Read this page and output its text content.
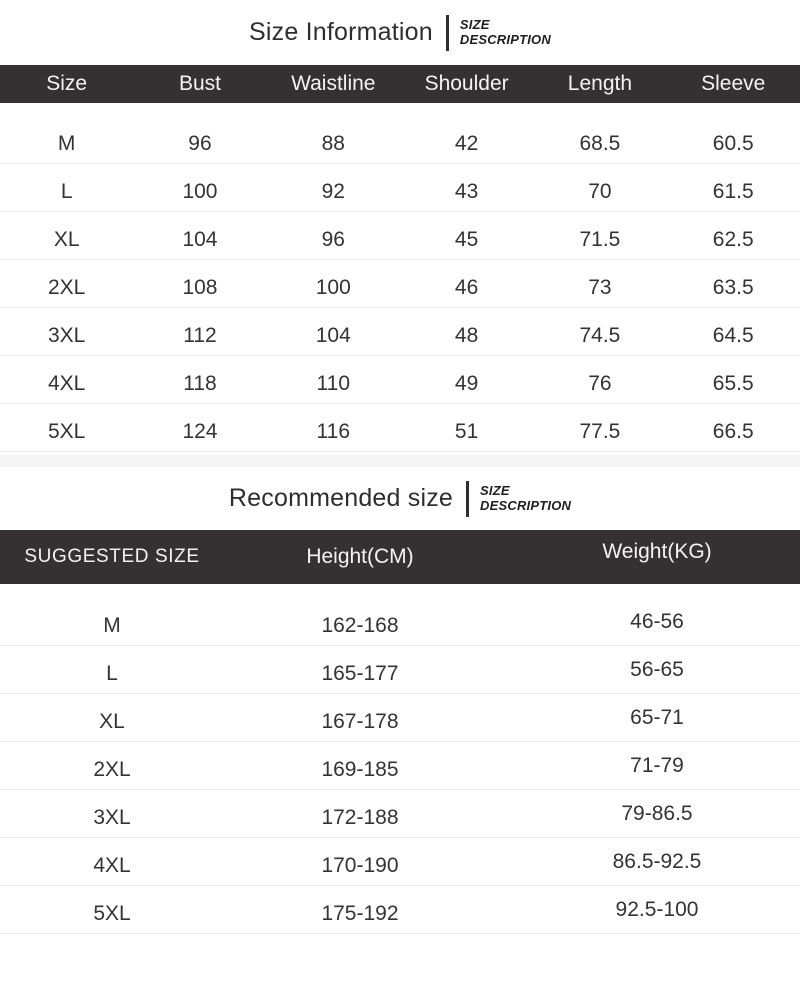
Size Information SIZE
DESCRIPTION
Size	Bust	Waistline	Shoulder	Length	Sleeve
M	96	88	42	68.5	60.5
L	100	92	43	70	61.5
XL	104	96	45	71.5	62.5
2XL	108	100	46	73	63.5
3XL	112	104	48	74.5	64.5
4XL	118	110	49	76	65.5
5XL	124	116	51	77.5	66.5
Recommended size SIZE
DESCRIPTION
SUGGESTED SIZE	Height(CM)	Weight(KG)
M	162-168	46-56
L	165-177	56-65
XL	167-178	65-71
2XL	169-185	71-79
3XL	172-188	79-86.5
4XL	170-190	86.5-92.5
5XL	175-192	92.5-100
